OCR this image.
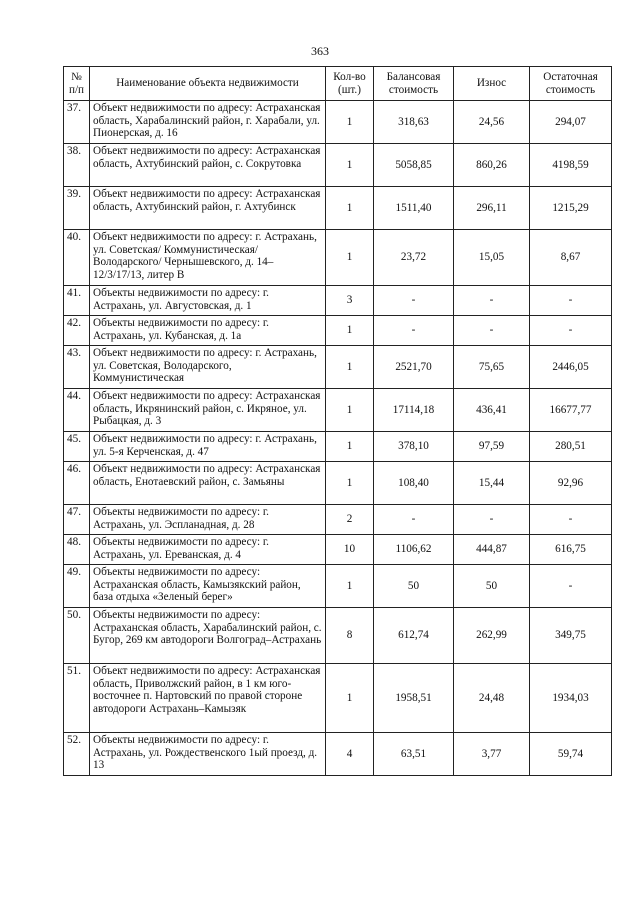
363
№ п/п	Наименование объекта недвижимости	Кол-во (шт.)	Балансовая стоимость	Износ	Остаточная стоимость
37.	Объект недвижимости по адресу: Астраханская область, Харабалинский район, г. Харабали, ул. Пионерская, д. 16	1	318,63	24,56	294,07
38.	Объект недвижимости по адресу: Астраханская область, Ахтубинский район, с. Сокрутовка	1	5058,85	860,26	4198,59
39.	Объект недвижимости по адресу: Астраханская область, Ахтубинский район, г. Ахтубинск	1	1511,40	296,11	1215,29
40.	Объект недвижимости по адресу: г. Астрахань, ул. Советская/ Коммунистическая/Володарского/ Чернышевского, д. 14–12/3/17/13, литер В	1	23,72	15,05	8,67
41.	Объекты недвижимости по адресу: г. Астрахань, ул. Августовская, д. 1	3	-	-	-
42.	Объекты недвижимости по адресу: г. Астрахань, ул. Кубанская, д. 1а	1	-	-	-
43.	Объект недвижимости по адресу: г. Астрахань, ул. Советская, Володарского, Коммунистическая	1	2521,70	75,65	2446,05
44.	Объект недвижимости по адресу: Астраханская область, Икрянинский район, с. Икряное, ул. Рыбацкая, д. 3	1	17114,18	436,41	16677,77
45.	Объект недвижимости по адресу: г. Астрахань, ул. 5-я Керченская, д. 47	1	378,10	97,59	280,51
46.	Объект недвижимости по адресу: Астраханская область, Енотаевский район, с. Замьяны	1	108,40	15,44	92,96
47.	Объекты недвижимости по адресу: г. Астрахань, ул. Эспланадная, д. 28	2	-	-	-
48.	Объекты недвижимости по адресу: г. Астрахань, ул. Ереванская, д. 4	10	1106,62	444,87	616,75
49.	Объекты недвижимости по адресу: Астраханская область, Камызякский район, база отдыха «Зеленый берег»	1	50	50	-
50.	Объекты недвижимости по адресу: Астраханская область, Харабалинский район, с. Бугор, 269 км автодороги Волгоград–Астрахань	8	612,74	262,99	349,75
51.	Объект недвижимости по адресу: Астраханская область, Приволжский район, в 1 км юго-восточнее п. Нартовский по правой стороне автодороги Астрахань–Камызяк	1	1958,51	24,48	1934,03
52.	Объекты недвижимости по адресу: г. Астрахань, ул. Рождественского 1ый проезд, д. 13	4	63,51	3,77	59,74
